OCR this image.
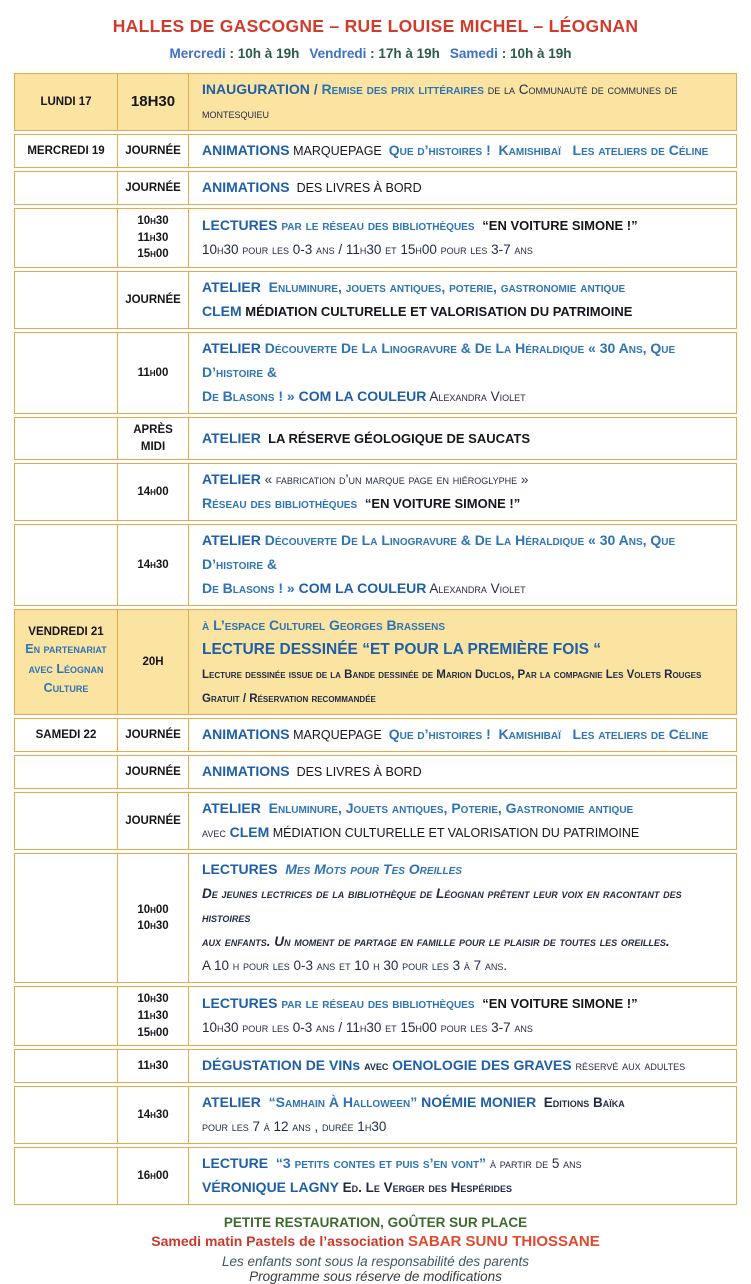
HALLES DE GASCOGNE – RUE LOUISE MICHEL – LÉOGNAN
Mercredi : 10h à 19h Vendredi : 17h à 19h Samedi : 10h à 19h
LUNDI 17	18H30
INAUGURATION / Remise des prix littéraires de la Communauté de communes de montesquieu
MERCREDI 19 JOURNÉE ANIMATIONS MARQUEPAGE  Que d’histoires !  Kamishibaï   Les ateliers de Céline
JOURNÉE ANIMATIONS  DES LIVRES À BORD
10h30
11h30
15h00
LECTURES par le réseau des bibliothèques  “EN VOITURE SIMONE !”
10h30 pour les 0-3 ans / 11h30 et 15h00 pour les 3-7 ans
JOURNÉE
ATELIER  Enluminure, jouets antiques, poterie, gastronomie antique
CLEM MÉDIATION CULTURELLE ET VALORISATION DU PATRIMOINE
11h00
ATELIER Découverte De La Linogravure & De La Héraldique « 30 Ans, Que D’histoire &
De Blasons ! » COM LA COULEUR Alexandra Violet
APRÈS MIDI
ATELIER  LA RÉSERVE GÉOLOGIQUE DE SAUCATS
14h00
ATELIER « fabrication d’un marque page en hiéroglyphe »
Réseau des bibliothèques  “EN VOITURE SIMONE !”
14h30
ATELIER Découverte De La Linogravure & De La Héraldique « 30 Ans, Que D’histoire &
De Blasons ! » COM LA COULEUR Alexandra Violet
VENDREDI 21
En partenariat avec Léognan Culture
20H
à L’espace Culturel Georges Brassens
LECTURE DESSINÉE “ET POUR LA PREMIÈRE FOIS “
Lecture dessinée issue de la Bande dessinée de Marion Duclos, Par la compagnie Les Volets Rouges
Gratuit / Réservation recommandée
SAMEDI 22	JOURNÉE ANIMATIONS MARQUEPAGE  Que d’histoires !  Kamishibaï   Les ateliers de Céline
JOURNÉE ANIMATIONS  DES LIVRES À BORD
JOURNÉE
ATELIER  Enluminure, Jouets antiques, Poterie, Gastronomie antique
avec CLEM MÉDIATION CULTURELLE ET VALORISATION DU PATRIMOINE
10h00
10h30
LECTURES  Mes Mots pour Tes Oreilles
De jeunes lectrices de la bibliothèque de Léognan prêtent leur voix en racontant des histoires
aux enfants. Un moment de partage en famille pour le plaisir de toutes les oreilles.
A 10 h pour les 0-3 ans et 10 h 30 pour les 3 à 7 ans.
10h30
11h30
15h00
LECTURES par le réseau des bibliothèques  “EN VOITURE SIMONE !”
10h30 pour les 0-3 ans / 11h30 et 15h00 pour les 3-7 ans
11h30 DÉGUSTATION DE VINs avec OENOLOGIE DES GRAVES réservé aux adultes
14h30
ATELIER  “Samhain À Halloween” NOÉMIE MONIER  Editions Baïka
pour les 7 à 12 ans , durée 1h30
16h00
LECTURE  “3 petits contes et puis s’en vont” à partir de 5 ans
VÉRONIQUE LAGNY Ed. Le Verger des Hespérides
PETITE RESTAURATION, GOÛTER SUR PLACE
Samedi matin Pastels de l’association SABAR SUNU THIOSSANE
Les enfants sont sous la responsabilité des parents
Programme sous réserve de modifications
